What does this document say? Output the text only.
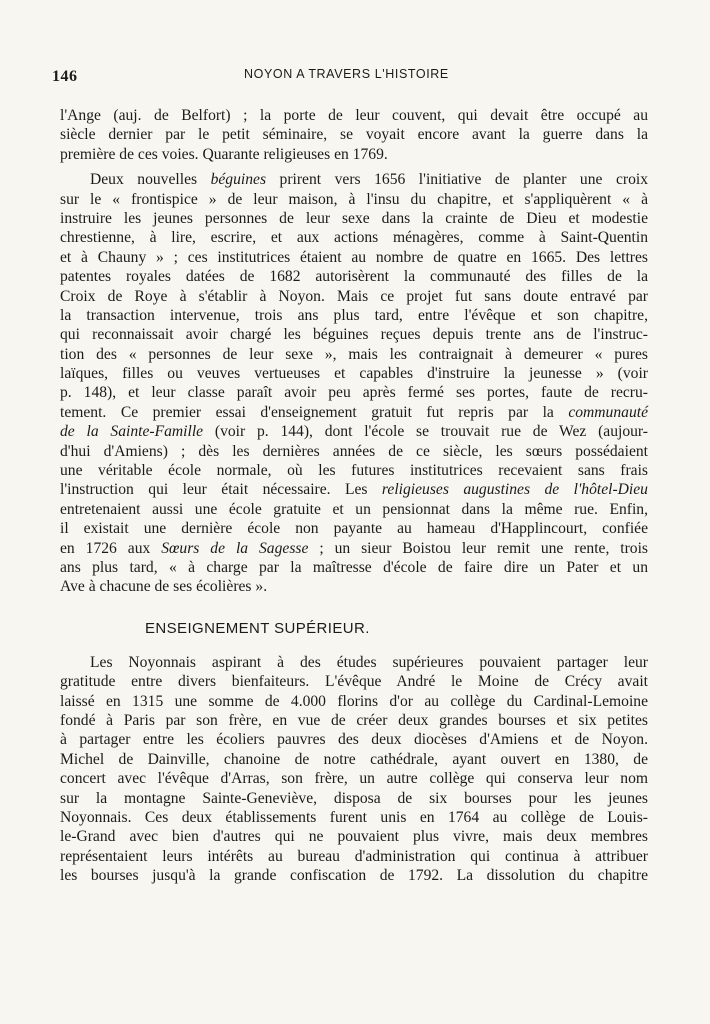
146	NOYON A TRAVERS L'HISTOIRE
l'Ange (auj. de Belfort) ; la porte de leur couvent, qui devait être occupé au
siècle dernier par le petit séminaire, se voyait encore avant la guerre dans la
première de ces voies. Quarante religieuses en 1769.
Deux nouvelles béguines prirent vers 1656 l'initiative de planter une croix
sur le « frontispice » de leur maison, à l'insu du chapitre, et s'appliquèrent « à
instruire les jeunes personnes de leur sexe dans la crainte de Dieu et modestie
chrestienne, à lire, escrire, et aux actions ménagères, comme à Saint-Quentin
et à Chauny » ; ces institutrices étaient au nombre de quatre en 1665. Des lettres
patentes royales datées de 1682 autorisèrent la communauté des filles de la
Croix de Roye à s'établir à Noyon. Mais ce projet fut sans doute entravé par
la transaction intervenue, trois ans plus tard, entre l'évêque et son chapitre,
qui reconnaissait avoir chargé les béguines reçues depuis trente ans de l'instruc-
tion des « personnes de leur sexe », mais les contraignait à demeurer « pures
laïques, filles ou veuves vertueuses et capables d'instruire la jeunesse » (voir
p. 148), et leur classe paraît avoir peu après fermé ses portes, faute de recru-
tement. Ce premier essai d'enseignement gratuit fut repris par la communauté
de la Sainte-Famille (voir p. 144), dont l'école se trouvait rue de Wez (aujour-
d'hui d'Amiens) ; dès les dernières années de ce siècle, les sœurs possédaient
une véritable école normale, où les futures institutrices recevaient sans frais
l'instruction qui leur était nécessaire. Les religieuses augustines de l'hôtel-Dieu
entretenaient aussi une école gratuite et un pensionnat dans la même rue. Enfin,
il existait une dernière école non payante au hameau d'Happlincourt, confiée
en 1726 aux Sœurs de la Sagesse ; un sieur Boistou leur remit une rente, trois
ans plus tard, « à charge par la maîtresse d'école de faire dire un Pater et un
Ave à chacune de ses écolières ».
ENSEIGNEMENT SUPÉRIEUR.
Les Noyonnais aspirant à des études supérieures pouvaient partager leur
gratitude entre divers bienfaiteurs. L'évêque André le Moine de Crécy avait
laissé en 1315 une somme de 4.000 florins d'or au collège du Cardinal-Lemoine
fondé à Paris par son frère, en vue de créer deux grandes bourses et six petites
à partager entre les écoliers pauvres des deux diocèses d'Amiens et de Noyon.
Michel de Dainville, chanoine de notre cathédrale, ayant ouvert en 1380, de
concert avec l'évêque d'Arras, son frère, un autre collège qui conserva leur nom
sur la montagne Sainte-Geneviève, disposa de six bourses pour les jeunes
Noyonnais. Ces deux établissements furent unis en 1764 au collège de Louis-
le-Grand avec bien d'autres qui ne pouvaient plus vivre, mais deux membres
représentaient leurs intérêts au bureau d'administration qui continua à attribuer
les bourses jusqu'à la grande confiscation de 1792. La dissolution du chapitre
